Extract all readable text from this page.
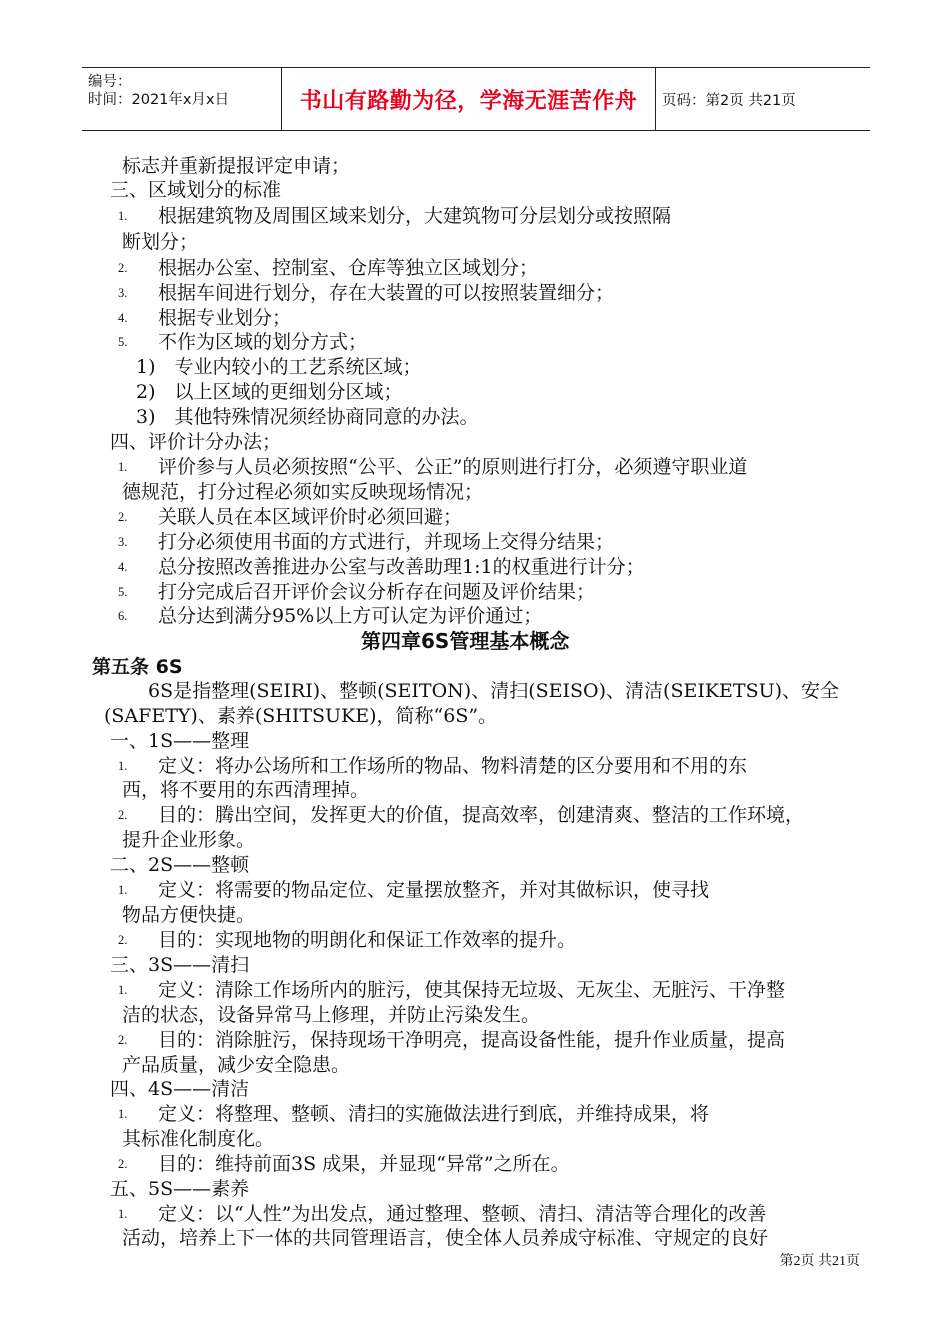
编号：
时间：2021年x月x日	书山有路勤为径，学海无涯苦作舟	页码：第2页 共21页
标志并重新提报评定申请；
三、区域划分的标准
1. 根据建筑物及周围区域来划分，大建筑物可分层划分或按照隔
断划分；
2. 根据办公室、控制室、仓库等独立区域划分；
3. 根据车间进行划分，存在大装置的可以按照装置细分；
4. 根据专业划分；
5. 不作为区域的划分方式；
1)　专业内较小的工艺系统区域；
2)　以上区域的更细划分区域；
3)　其他特殊情况须经协商同意的办法。
四、评价计分办法；
1. 评价参与人员必须按照“公平、公正”的原则进行打分，必须遵守职业道
德规范，打分过程必须如实反映现场情况；
2. 关联人员在本区域评价时必须回避；
3. 打分必须使用书面的方式进行，并现场上交得分结果；
4. 总分按照改善推进办公室与改善助理1:1的权重进行计分；
5. 打分完成后召开评价会议分析存在问题及评价结果；
6. 总分达到满分95%以上方可认定为评价通过；
第四章6S管理基本概念
第五条 6S
6S是指整理(SEIRI)、整顿(SEITON)、清扫(SEISO)、清洁(SEIKETSU)、安全
(SAFETY)、素养(SHITSUKE)，简称“6S”。
一、1S——整理
1. 定义：将办公场所和工作场所的物品、物料清楚的区分要用和不用的东
西，将不要用的东西清理掉。
2. 目的：腾出空间，发挥更大的价值，提高效率，创建清爽、整洁的工作环境，
提升企业形象。
二、2S——整顿
1. 定义：将需要的物品定位、定量摆放整齐，并对其做标识，使寻找
物品方便快捷。
2. 目的：实现地物的明朗化和保证工作效率的提升。
三、3S——清扫
1. 定义：清除工作场所内的脏污，使其保持无垃圾、无灰尘、无脏污、干净整
洁的状态，设备异常马上修理，并防止污染发生。
2. 目的：消除脏污，保持现场干净明亮，提高设备性能，提升作业质量，提高
产品质量，减少安全隐患。
四、4S——清洁
1. 定义：将整理、整顿、清扫的实施做法进行到底，并维持成果，将
其标准化制度化。
2. 目的：维持前面3S 成果，并显现“异常”之所在。
五、5S——素养
1. 定义：以“人性”为出发点，通过整理、整顿、清扫、清洁等合理化的改善
活动，培养上下一体的共同管理语言，使全体人员养成守标准、守规定的良好
第2页 共21页
